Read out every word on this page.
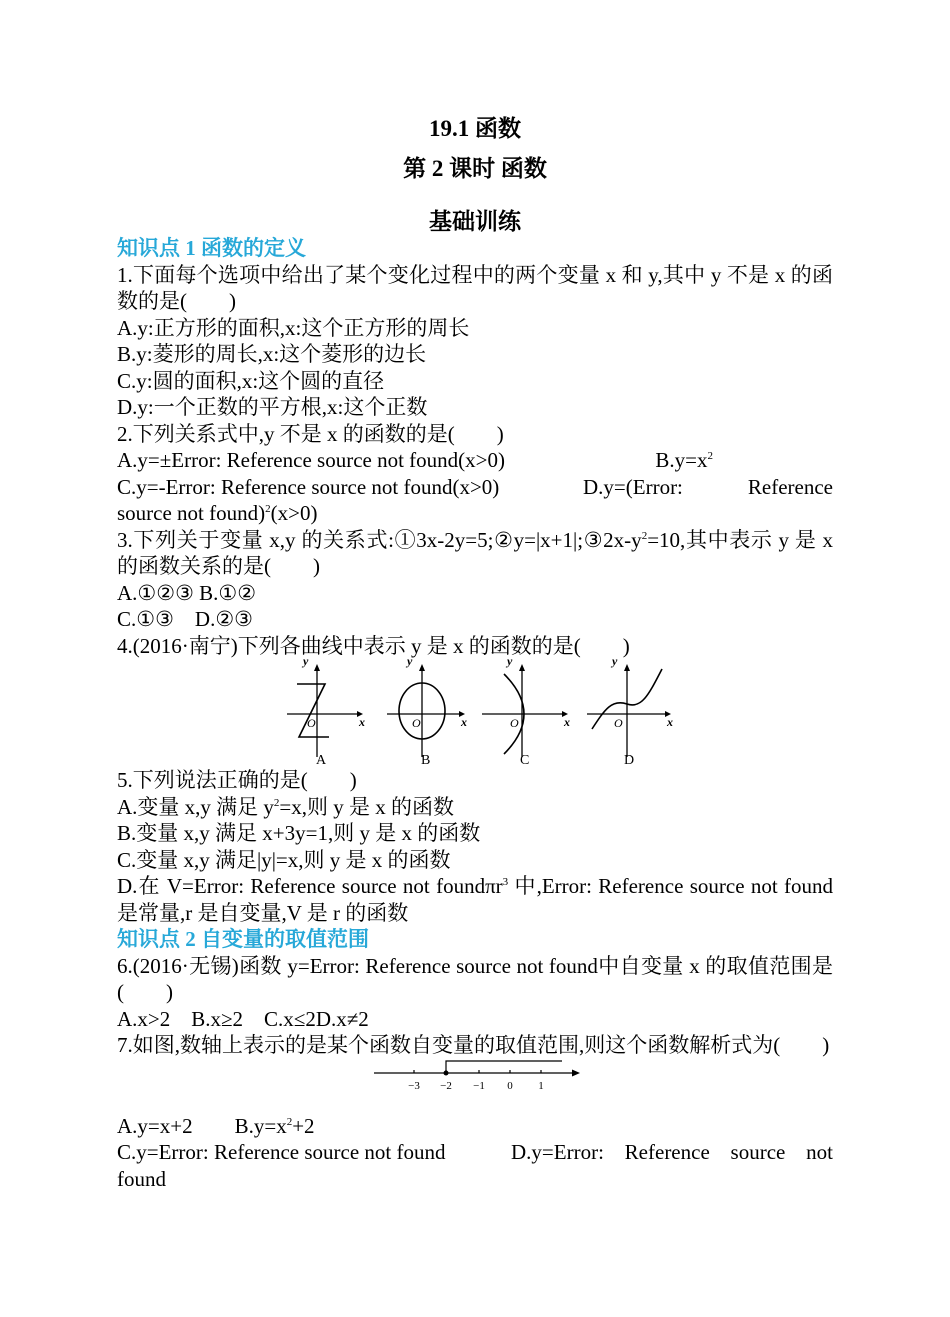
19.1 函数
第 2 课时 函数
基础训练
知识点 1 函数的定义
1.下面每个选项中给出了某个变化过程中的两个变量 x 和 y,其中 y 不是 x 的函数的是(　　)
A.y:正方形的面积,x:这个正方形的周长
B.y:菱形的周长,x:这个菱形的边长
C.y:圆的面积,x:这个圆的直径
D.y:一个正数的平方根,x:这个正数
2.下列关系式中,y 不是 x 的函数的是(　　)
A.y=±Error: Reference source not found(x>0)	$B.y=x^2$
C.y=-Error: Reference source not found(x>0)	D.y=(Error:	Reference
source not found)$^2$(x>0)
3.下列关于变量 x,y 的关系式$:①3x-2y=5;②y=|x+1|;③2x-y^2=10$,其中表示 y 是 x 的函数关系的是(　　)
A.①②③ B.①②
C.①③　D.②③
4.(2016·南宁)下列各曲线中表示 y 是 x 的函数的是(　　)
y
x
O
A
y
x
O
B
y
x
O
C
y
x
O
D
5.下列说法正确的是(　　)
A.变量 x,y 满足 $y^2=x$,则 y 是 x 的函数
B.变量 x,y 满足 x+3y=1,则 y 是 x 的函数
C.变量 x,y 满足|y|=x,则 y 是 x 的函数
D.在 V=Error: Reference source not foundπr$^3$ 中,Error: Reference source not found 是常量,r 是自变量,V 是 r 的函数
知识点 2 自变量的取值范围
6.(2016·无锡)函数 y=Error: Reference source not found中自变量 x 的取值范围是(　　)
A.x>2　B.x≥2　C.x≤2D.x≠2
7.如图,数轴上表示的是某个函数自变量的取值范围,则这个函数解析式为(　　)
−3 −2 −1 0 1
A.y=x+2 $B.y=x^2+2$
C.y=Error: Reference source not found	D.y=Error: Reference source not
found
